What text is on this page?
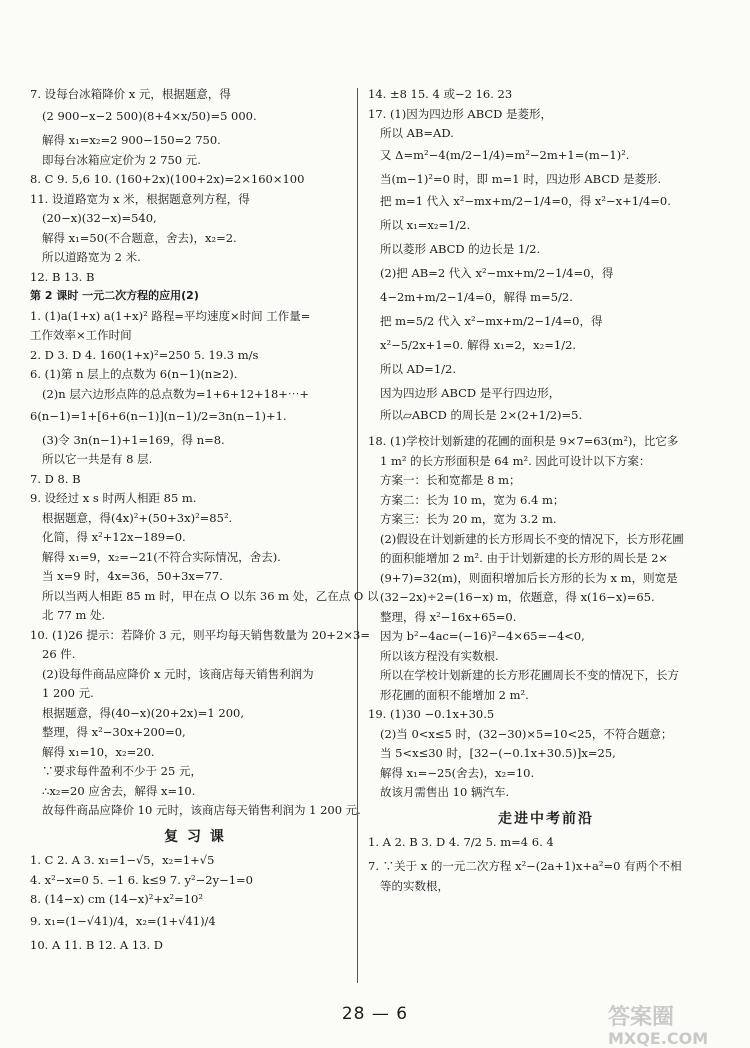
7. 设每台冰箱降价 x 元，根据题意，得
(2 900−x−2 500)(8+4×x/50)=5 000.
解得 x₁=x₂=2 900−150=2 750.
即每台冰箱应定价为 2 750 元.
8. C 9. 5,6 10. (160+2x)(100+2x)=2×160×100
11. 设道路宽为 x 米，根据题意列方程，得
(20−x)(32−x)=540,
解得 x₁=50(不合题意，舍去)，x₂=2.
所以道路宽为 2 米.
12. B 13. B
第 2 课时 一元二次方程的应用(2)
1. (1)a(1+x) a(1+x)² 路程=平均速度×时间 工作量=
工作效率×工作时间
2. D 3. D 4. 160(1+x)²=250 5. 19.3 m/s
6. (1)第 n 层上的点数为 6(n−1)(n≥2).
(2)n 层六边形点阵的总点数为=1+6+12+18+⋯+
6(n−1)=1+[6+6(n−1)](n−1)/2=3n(n−1)+1.
(3)令 3n(n−1)+1=169，得 n=8.
所以它一共是有 8 层.
7. D 8. B
9. 设经过 x s 时两人相距 85 m.
根据题意，得(4x)²+(50+3x)²=85².
化简，得 x²+12x−189=0.
解得 x₁=9，x₂=−21(不符合实际情况，舍去).
当 x=9 时，4x=36，50+3x=77.
所以当两人相距 85 m 时，甲在点 O 以东 36 m 处，乙在点 O 以
北 77 m 处.
10. (1)26 提示：若降价 3 元，则平均每天销售数量为 20+2×3=
26 件.
(2)设每件商品应降价 x 元时，该商店每天销售利润为
1 200 元.
根据题意，得(40−x)(20+2x)=1 200,
整理，得 x²−30x+200=0,
解得 x₁=10，x₂=20.
∵要求每件盈利不少于 25 元，
∴x₂=20 应舍去，解得 x=10.
故每件商品应降价 10 元时，该商店每天销售利润为 1 200 元.
复 习 课
1. C 2. A 3. x₁=1−√5，x₂=1+√5
4. x²−x=0 5. −1 6. k≤9 7. y²−2y−1=0
8. (14−x) cm (14−x)²+x²=10²
9. x₁=(1−√41)/4，x₂=(1+√41)/4
10. A 11. B 12. A 13. D
14. ±8 15. 4 或−2 16. 23
17. (1)因为四边形 ABCD 是菱形，
所以 AB=AD.
又 Δ=m²−4(m/2−1/4)=m²−2m+1=(m−1)².
当(m−1)²=0 时，即 m=1 时，四边形 ABCD 是菱形.
把 m=1 代入 x²−mx+m/2−1/4=0，得 x²−x+1/4=0.
所以 x₁=x₂=1/2.
所以菱形 ABCD 的边长是 1/2.
(2)把 AB=2 代入 x²−mx+m/2−1/4=0，得
4−2m+m/2−1/4=0，解得 m=5/2.
把 m=5/2 代入 x²−mx+m/2−1/4=0，得
x²−5/2x+1=0. 解得 x₁=2，x₂=1/2.
所以 AD=1/2.
因为四边形 ABCD 是平行四边形，
所以▱ABCD 的周长是 2×(2+1/2)=5.
18. (1)学校计划新建的花圃的面积是 9×7=63(m²)，比它多
1 m² 的长方形面积是 64 m². 因此可设计以下方案：
方案一：长和宽都是 8 m；
方案二：长为 10 m，宽为 6.4 m；
方案三：长为 20 m，宽为 3.2 m.
(2)假设在计划新建的长方形周长不变的情况下，长方形花圃
的面积能增加 2 m². 由于计划新建的长方形的周长是 2×
(9+7)=32(m)，则面积增加后长方形的长为 x m，则宽是
(32−2x)÷2=(16−x) m，依题意，得 x(16−x)=65.
整理，得 x²−16x+65=0.
因为 b²−4ac=(−16)²−4×65=−4<0,
所以该方程没有实数根.
所以在学校计划新建的长方形花圃周长不变的情况下，长方
形花圃的面积不能增加 2 m².
19. (1)30 −0.1x+30.5
(2)当 0<x≤5 时，(32−30)×5=10<25，不符合题意；
当 5<x≤30 时，[32−(−0.1x+30.5)]x=25,
解得 x₁=−25(舍去)，x₂=10.
故该月需售出 10 辆汽车.
走进中考前沿
1. A 2. B 3. D 4. 7/2 5. m=4 6. 4
7. ∵关于 x 的一元二次方程 x²−(2a+1)x+a²=0 有两个不相
等的实数根，
28 — 6	答案圈
MXQE.COM
